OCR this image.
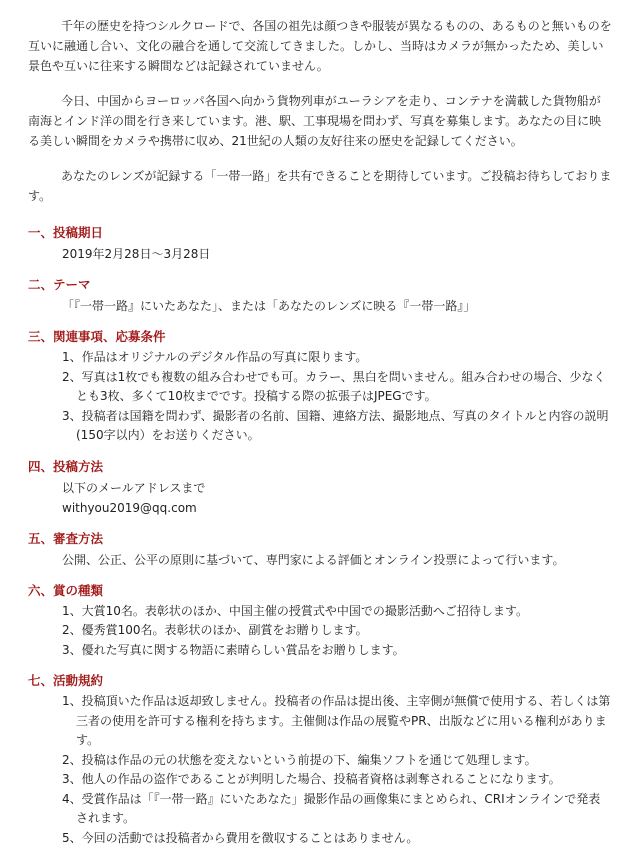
千年の歴史を持つシルクロードで、各国の祖先は顔つきや服装が異なるものの、あるものと無いものを互いに融通し合い、文化の融合を通して交流してきました。しかし、当時はカメラが無かったため、美しい景色や互いに往来する瞬間などは記録されていません。

今日、中国からヨーロッパ各国へ向かう貨物列車がユーラシアを走り、コンテナを満載した貨物船が南海とインド洋の間を行き来しています。港、駅、工事現場を問わず、写真を募集します。あなたの目に映る美しい瞬間をカメラや携帯に収め、21世紀の人類の友好往来の歴史を記録してください。

あなたのレンズが記録する「一帯一路」を共有できることを期待しています。ご投稿お待ちしております。

一、投稿期日
2019年2月28日～3月28日
二、テーマ
「『一帯一路』にいたあなた」、または「あなたのレンズに映る『一帯一路』」
三、関連事項、応募条件
1、作品はオリジナルのデジタル作品の写真に限ります。
2、写真は1枚でも複数の組み合わせでも可。カラー、黒白を問いません。組み合わせの場合、少なくとも3枚、多くて10枚までです。投稿する際の拡張子はJPEGです。
3、投稿者は国籍を問わず、撮影者の名前、国籍、連絡方法、撮影地点、写真のタイトルと内容の説明(150字以内）をお送りください。
四、投稿方法
以下のメールアドレスまで
withyou2019@qq.com
五、審査方法
公開、公正、公平の原則に基づいて、専門家による評価とオンライン投票によって行います。
六、賞の種類
1、大賞10名。表彰状のほか、中国主催の授賞式や中国での撮影活動へご招待します。
2、優秀賞100名。表彰状のほか、副賞をお贈りします。
3、優れた写真に関する物語に素晴らしい賞品をお贈りします。
七、活動規約
1、投稿頂いた作品は返却致しません。投稿者の作品は提出後、主宰側が無償で使用する、若しくは第三者の使用を許可する権利を持ちます。主催側は作品の展覧やPR、出版などに用いる権利があります。
2、投稿は作品の元の状態を変えないという前提の下、編集ソフトを通じて処理します。
3、他人の作品の盗作であることが判明した場合、投稿者資格は剥奪されることになります。
4、受賞作品は「『一帯一路』にいたあなた」撮影作品の画像集にまとめられ、CRIオンラインで発表されます。
5、今回の活動では投稿者から費用を徴収することはありません。
